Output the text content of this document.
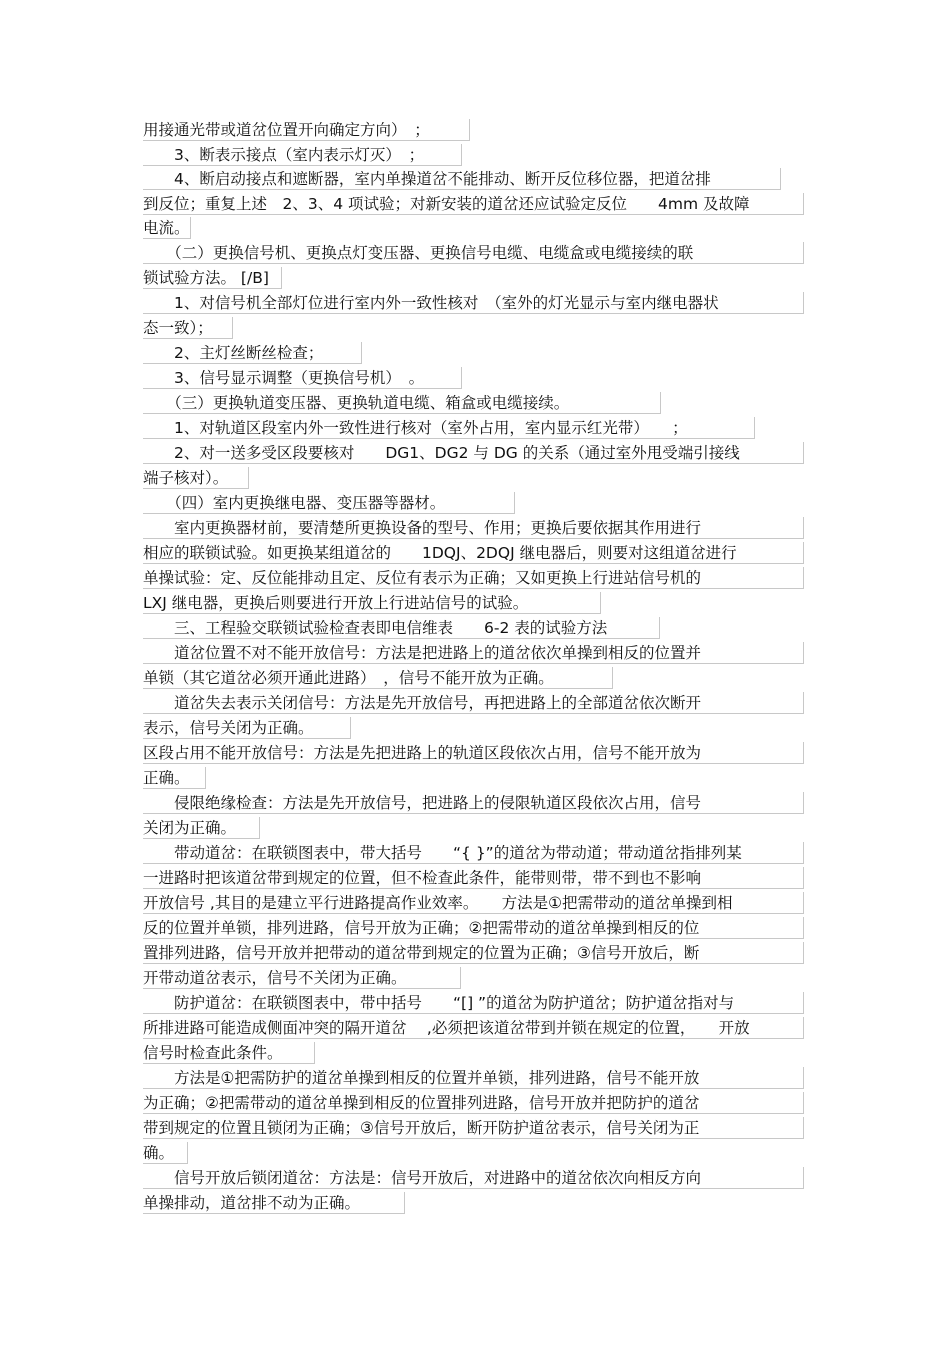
用接通光带或道岔位置开向确定方向）　；
　　3、断表示接点（室内表示灯灭）　；
　　4、断启动接点和遮断器，室内单操道岔不能排动、断开反位移位器，把道岔排
到反位；重复上述　2、3、4 项试验；对新安装的道岔还应试验定反位　　4mm 及故障
电流。
　　（二）更换信号机、更换点灯变压器、更换信号电缆、电缆盒或电缆接续的联
锁试验方法。 [/B]
　　1、对信号机全部灯位进行室内外一致性核对　（室外的灯光显示与室内继电器状
态一致）；
　　2、主灯丝断丝检查；
　　3、信号显示调整（更换信号机）　。
　　（三）更换轨道变压器、更换轨道电缆、箱盒或电缆接续。
　　1、对轨道区段室内外一致性进行核对（室外占用，室内显示红光带）　　；
　　2、对一送多受区段要核对　　DG1、DG2 与 DG 的关系（通过室外甩受端引接线
端子核对）。
　　（四）室内更换继电器、变压器等器材。
　　室内更换器材前，要清楚所更换设备的型号、作用；更换后要依据其作用进行
相应的联锁试验。如更换某组道岔的　　1DQJ、2DQJ 继电器后，则要对这组道岔进行
单操试验：定、反位能排动且定、反位有表示为正确；又如更换上行进站信号机的
LXJ 继电器，更换后则要进行开放上行进站信号的试验。
　　三、工程验交联锁试验检查表即电信维表　　6-2 表的试验方法
　　道岔位置不对不能开放信号：方法是把进路上的道岔依次单操到相反的位置并
单锁（其它道岔必须开通此进路）　，信号不能开放为正确。
　　道岔失去表示关闭信号：方法是先开放信号，再把进路上的全部道岔依次断开
表示，信号关闭为正确。
区段占用不能开放信号：方法是先把进路上的轨道区段依次占用，信号不能开放为
正确。
　　侵限绝缘检查：方法是先开放信号，把进路上的侵限轨道区段依次占用，信号
关闭为正确。
　　带动道岔：在联锁图表中，带大括号　　“{ }”的道岔为带动道；带动道岔指排列某
一进路时把该道岔带到规定的位置，但不检查此条件，能带则带，带不到也不影响
开放信号 ,其目的是建立平行进路提高作业效率。　　方法是①把需带动的道岔单操到相
反的位置并单锁，排列进路，信号开放为正确；②把需带动的道岔单操到相反的位
置排列进路，信号开放并把带动的道岔带到规定的位置为正确；③信号开放后，断
开带动道岔表示，信号不关闭为正确。
　　防护道岔：在联锁图表中，带中括号　　“[] ”的道岔为防护道岔；防护道岔指对与
所排进路可能造成侧面冲突的隔开道岔　 ,必须把该道岔带到并锁在规定的位置，　　开放
信号时检查此条件。
　　方法是①把需防护的道岔单操到相反的位置并单锁，排列进路，信号不能开放
为正确；②把需带动的道岔单操到相反的位置排列进路，信号开放并把防护的道岔
带到规定的位置且锁闭为正确；③信号开放后，断开防护道岔表示，信号关闭为正
确。
　　信号开放后锁闭道岔：方法是：信号开放后，对进路中的道岔依次向相反方向
单操排动，道岔排不动为正确。
